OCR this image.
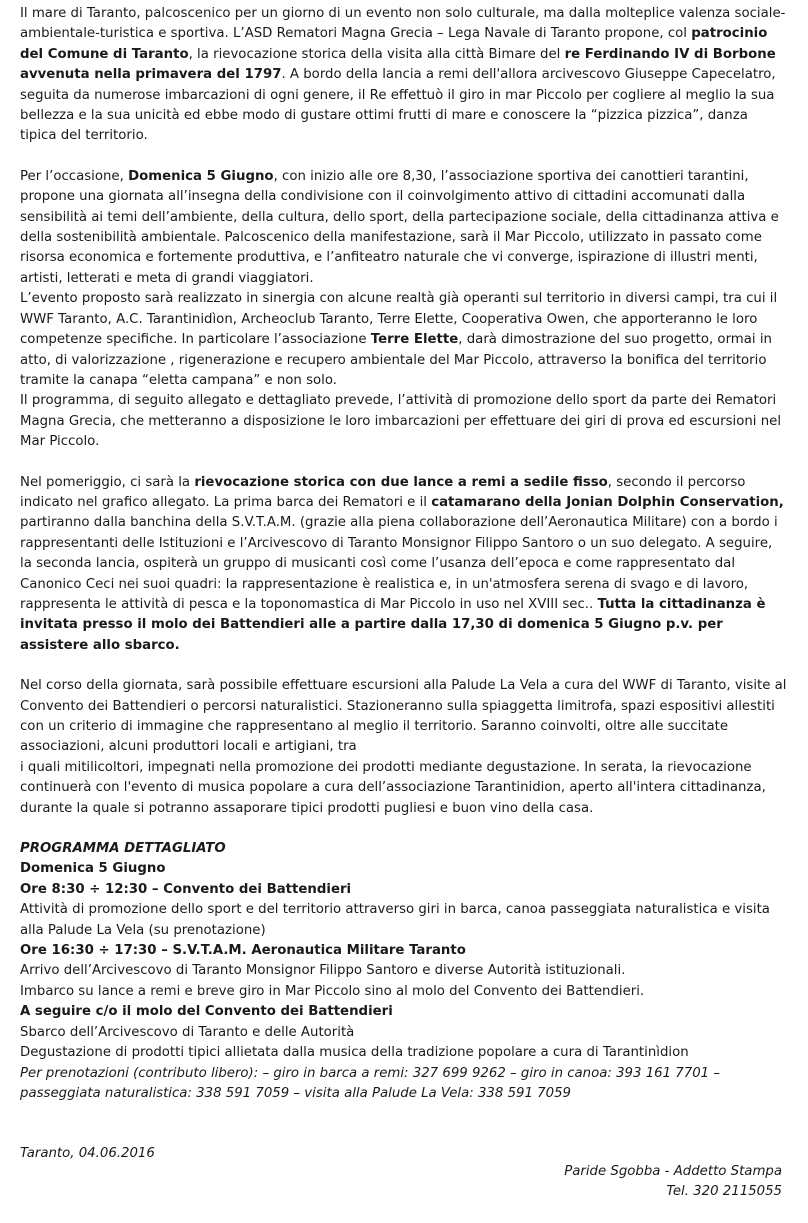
Il mare di Taranto, palcoscenico per un giorno di un evento non solo culturale, ma dalla molteplice valenza sociale-ambientale-turistica e sportiva. L’ASD Rematori Magna Grecia – Lega Navale di Taranto propone, col patrocinio del Comune di Taranto, la rievocazione storica della visita alla città Bimare del re Ferdinando IV di Borbone avvenuta nella primavera del 1797. A bordo della lancia a remi dell'allora arcivescovo Giuseppe Capecelatro, seguita da numerose imbarcazioni di ogni genere, il Re effettuò il giro in mar Piccolo per cogliere al meglio la sua bellezza e la sua unicità ed ebbe modo di gustare ottimi frutti di mare e conoscere la “pizzica pizzica”, danza tipica del territorio.

Per l’occasione, Domenica 5 Giugno, con inizio alle ore 8,30, l’associazione sportiva dei canottieri tarantini, propone una giornata all’insegna della condivisione con il coinvolgimento attivo di cittadini accomunati dalla sensibilità ai temi dell’ambiente, della cultura, dello sport, della partecipazione sociale, della cittadinanza attiva e della sostenibilità ambientale. Palcoscenico della manifestazione, sarà il Mar Piccolo, utilizzato in passato come risorsa economica e fortemente produttiva, e l’anfiteatro naturale che vi converge, ispirazione di illustri menti, artisti, letterati e meta di grandi viaggiatori.

L’evento proposto sarà realizzato in sinergia con alcune realtà già operanti sul territorio in diversi campi, tra cui il WWF Taranto, A.C. Tarantinidìon, Archeoclub Taranto, Terre Elette, Cooperativa Owen, che apporteranno le loro competenze specifiche. In particolare l’associazione Terre Elette, darà dimostrazione del suo progetto, ormai in atto, di valorizzazione , rigenerazione e recupero ambientale del Mar Piccolo, attraverso la bonifica del territorio tramite la canapa “eletta campana” e non solo.

Il programma, di seguito allegato e dettagliato prevede, l’attività di promozione dello sport da parte dei Rematori Magna Grecia, che metteranno a disposizione le loro imbarcazioni per effettuare dei giri di prova ed escursioni nel Mar Piccolo.

Nel pomeriggio, ci sarà la rievocazione storica con due lance a remi a sedile fisso, secondo il percorso indicato nel grafico allegato. La prima barca dei Rematori e il catamarano della Jonian Dolphin Conservation, partiranno dalla banchina della S.V.T.A.M. (grazie alla piena collaborazione dell’Aeronautica Militare) con a bordo i rappresentanti delle Istituzioni e l’Arcivescovo di Taranto Monsignor Filippo Santoro o un suo delegato. A seguire, la seconda lancia, ospiterà un gruppo di musicanti così come l’usanza dell’epoca e come rappresentato dal Canonico Ceci nei suoi quadri: la rappresentazione è realistica e, in un'atmosfera serena di svago e di lavoro, rappresenta le attività di pesca e la toponomastica di Mar Piccolo in uso nel XVIII sec.. Tutta la cittadinanza è invitata presso il molo dei Battendieri alle a partire dalla 17,30 di domenica 5 Giugno p.v. per assistere allo sbarco.

Nel corso della giornata, sarà possibile effettuare escursioni alla Palude La Vela a cura del WWF di Taranto, visite al Convento dei Battendieri o percorsi naturalistici. Stazioneranno sulla spiaggetta limitrofa, spazi espositivi allestiti con un criterio di immagine che rappresentano al meglio il territorio. Saranno coinvolti, oltre alle succitate associazioni, alcuni produttori locali e artigiani, tra
i quali mitilicoltori, impegnati nella promozione dei prodotti mediante degustazione. In serata, la rievocazione continuerà con l'evento di musica popolare a cura dell’associazione Tarantinidion, aperto all'intera cittadinanza, durante la quale si potranno assaporare tipici prodotti pugliesi e buon vino della casa.

PROGRAMMA DETTAGLIATO

Domenica 5 Giugno

Ore 8:30 ÷ 12:30 – Convento dei Battendieri

Attività di promozione dello sport e del territorio attraverso giri in barca, canoa passeggiata naturalistica e visita alla Palude La Vela (su prenotazione)

Ore 16:30 ÷ 17:30 – S.V.T.A.M. Aeronautica Militare Taranto

Arrivo dell’Arcivescovo di Taranto Monsignor Filippo Santoro e diverse Autorità istituzionali.

Imbarco su lance a remi e breve giro in Mar Piccolo sino al molo del Convento dei Battendieri.

A seguire c/o il molo del Convento dei Battendieri

Sbarco dell’Arcivescovo di Taranto e delle Autorità

Degustazione di prodotti tipici allietata dalla musica della tradizione popolare a cura di Tarantinìdion

Per prenotazioni (contributo libero): – giro in barca a remi: 327 699 9262 – giro in canoa: 393 161 7701 – passeggiata naturalistica: 338 591 7059 – visita alla Palude La Vela: 338 591 7059

Taranto, 04.06.2016

Paride Sgobba - Addetto Stampa

Tel. 320 2115055
